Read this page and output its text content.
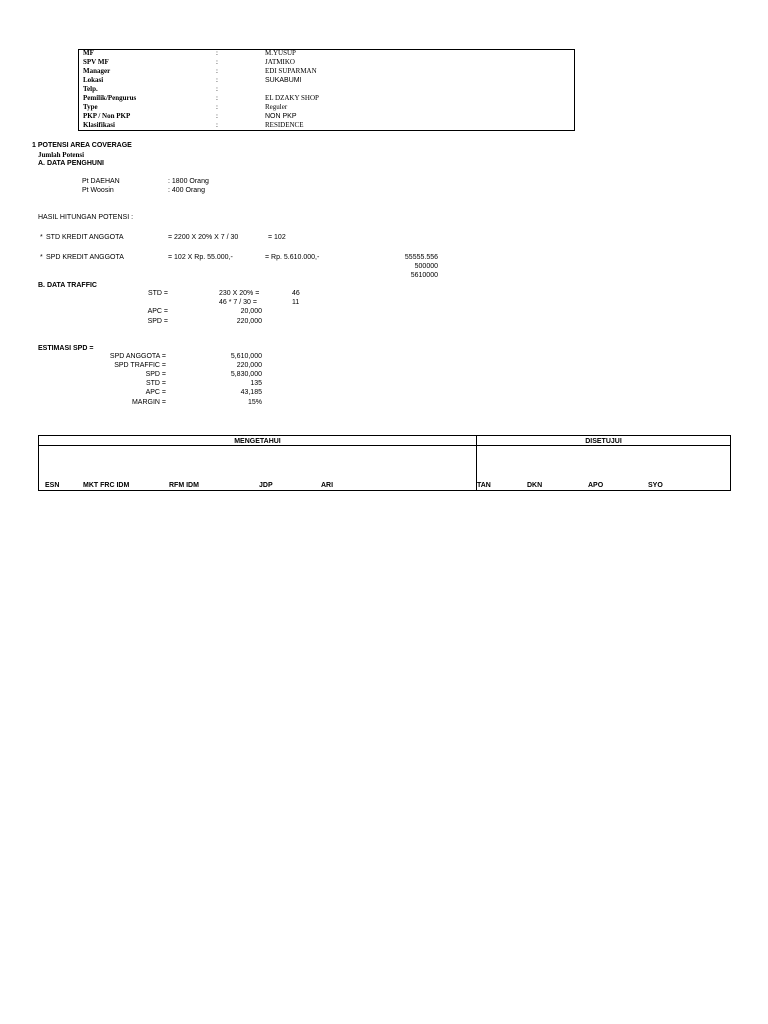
MF	:	M.YUSUP
SPV MF	:	JATMIKO
Manager	:	EDI SUPARMAN
Lokasi	:	SUKABUMI
Telp.	:
Pemilik/Pengurus	:	EL DZAKY SHOP
Type	:	Reguler
PKP / Non PKP	:	NON PKP
Klasifikasi	:	RESIDENCE
1 POTENSI AREA COVERAGE
Jumlah Potensi
A. DATA PENGHUNI
Pt DAEHAN	: 1800 Orang
Pt Woosin	: 400 Orang
HASIL HITUNGAN POTENSI :
* STD KREDIT ANGGOTA	= 2200 X 20% X 7 / 30	= 102
* SPD KREDIT ANGGOTA	= 102 X Rp. 55.000,-	= Rp. 5.610.000,-	55555.556
500000
5610000
B. DATA TRAFFIC
STD =	230 X 20% =	46
46 * 7 / 30 =	11
APC =	20,000
SPD =	220,000
ESTIMASI SPD =
SPD ANGGOTA =	5,610,000
SPD TRAFFIC =	220,000
SPD =	5,830,000
STD =	135
APC =	43,185
MARGIN =	15%
MENGETAHUI	DISETUJUI
ESN	MKT FRC IDM	RFM IDM	JDP	ARI	TAN	DKN	APO	SYO
